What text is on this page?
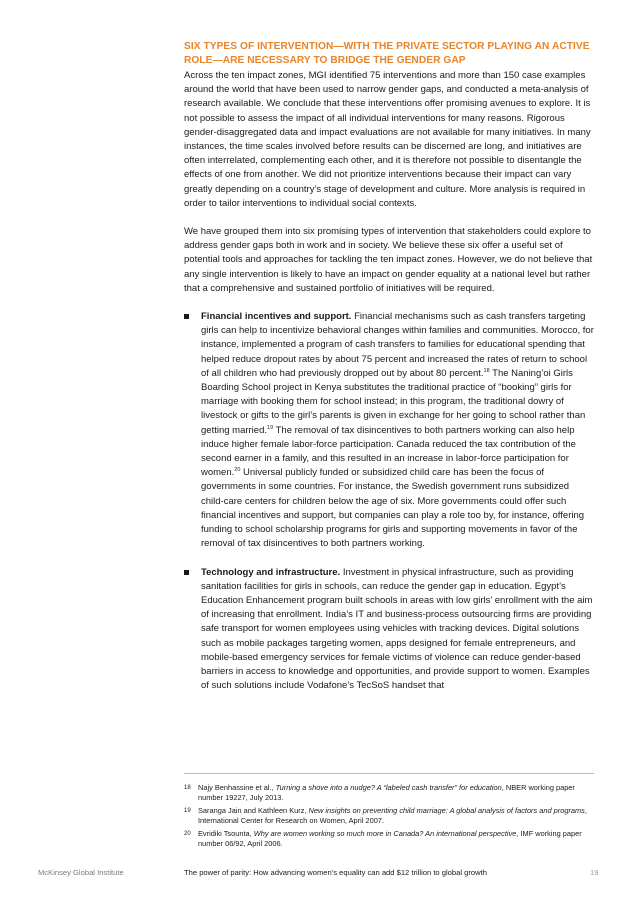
SIX TYPES OF INTERVENTION—WITH THE PRIVATE SECTOR PLAYING AN ACTIVE ROLE—ARE NECESSARY TO BRIDGE THE GENDER GAP

Across the ten impact zones, MGI identified 75 interventions and more than 150 case examples around the world that have been used to narrow gender gaps, and conducted a meta-analysis of research available. We conclude that these interventions offer promising avenues to explore. It is not possible to assess the impact of all individual interventions for many reasons. Rigorous gender-disaggregated data and impact evaluations are not available for many initiatives. In many instances, the time scales involved before results can be discerned are long, and initiatives are often interrelated, complementing each other, and it is therefore not possible to disentangle the effects of one from another. We did not prioritize interventions because their impact can vary greatly depending on a country’s stage of development and culture. More analysis is required in order to tailor interventions to individual social contexts.

We have grouped them into six promising types of intervention that stakeholders could explore to address gender gaps both in work and in society. We believe these six offer a useful set of potential tools and approaches for tackling the ten impact zones. However, we do not believe that any single intervention is likely to have an impact on gender equality at a national level but rather that a comprehensive and sustained portfolio of initiatives will be required.

Financial incentives and support. Financial mechanisms such as cash transfers targeting girls can help to incentivize behavioral changes within families and communities. Morocco, for instance, implemented a program of cash transfers to families for educational spending that helped reduce dropout rates by about 75 percent and increased the rates of return to school of all children who had previously dropped out by about 80 percent.$^{18}$ The Naning’oi Girls Boarding School project in Kenya substitutes the traditional practice of “booking” girls for marriage with booking them for school instead; in this program, the traditional dowry of livestock or gifts to the girl’s parents is given in exchange for her going to school rather than getting married.$^{19}$ The removal of tax disincentives to both partners working can also help induce higher female labor-force participation. Canada reduced the tax contribution of the second earner in a family, and this resulted in an increase in labor-force participation for women.$^{20}$ Universal publicly funded or subsidized child care has been the focus of governments in some countries. For instance, the Swedish government runs subsidized child-care centers for children below the age of six. More governments could offer such financial incentives and support, but companies can play a role too by, for instance, offering funding to school scholarship programs for girls and supporting movements in favor of the removal of tax disincentives to both partners working.
Technology and infrastructure. Investment in physical infrastructure, such as providing sanitation facilities for girls in schools, can reduce the gender gap in education. Egypt’s Education Enhancement program built schools in areas with low girls’ enrollment with the aim of increasing that enrollment. India’s IT and business-process outsourcing firms are providing safe transport for women employees using vehicles with tracking devices. Digital solutions such as mobile packages targeting women, apps designed for female entrepreneurs, and mobile-based emergency services for female victims of violence can reduce gender-based barriers in access to knowledge and opportunities, and provide support to women. Examples of such solutions include Vodafone’s TecSoS handset that
18 Najy Benhassine et al., Turning a shove into a nudge? A “labeled cash transfer” for education, NBER working paper number 19227, July 2013.
19 Saranga Jain and Kathleen Kurz, New insights on preventing child marriage: A global analysis of factors and programs, International Center for Research on Women, April 2007.
20 Evridiki Tsounta, Why are women working so much more in Canada? An international perspective, IMF working paper number 06/92, April 2006.
McKinsey Global Institute	The power of parity: How advancing women’s equality can add $12 trillion to global growth	19
